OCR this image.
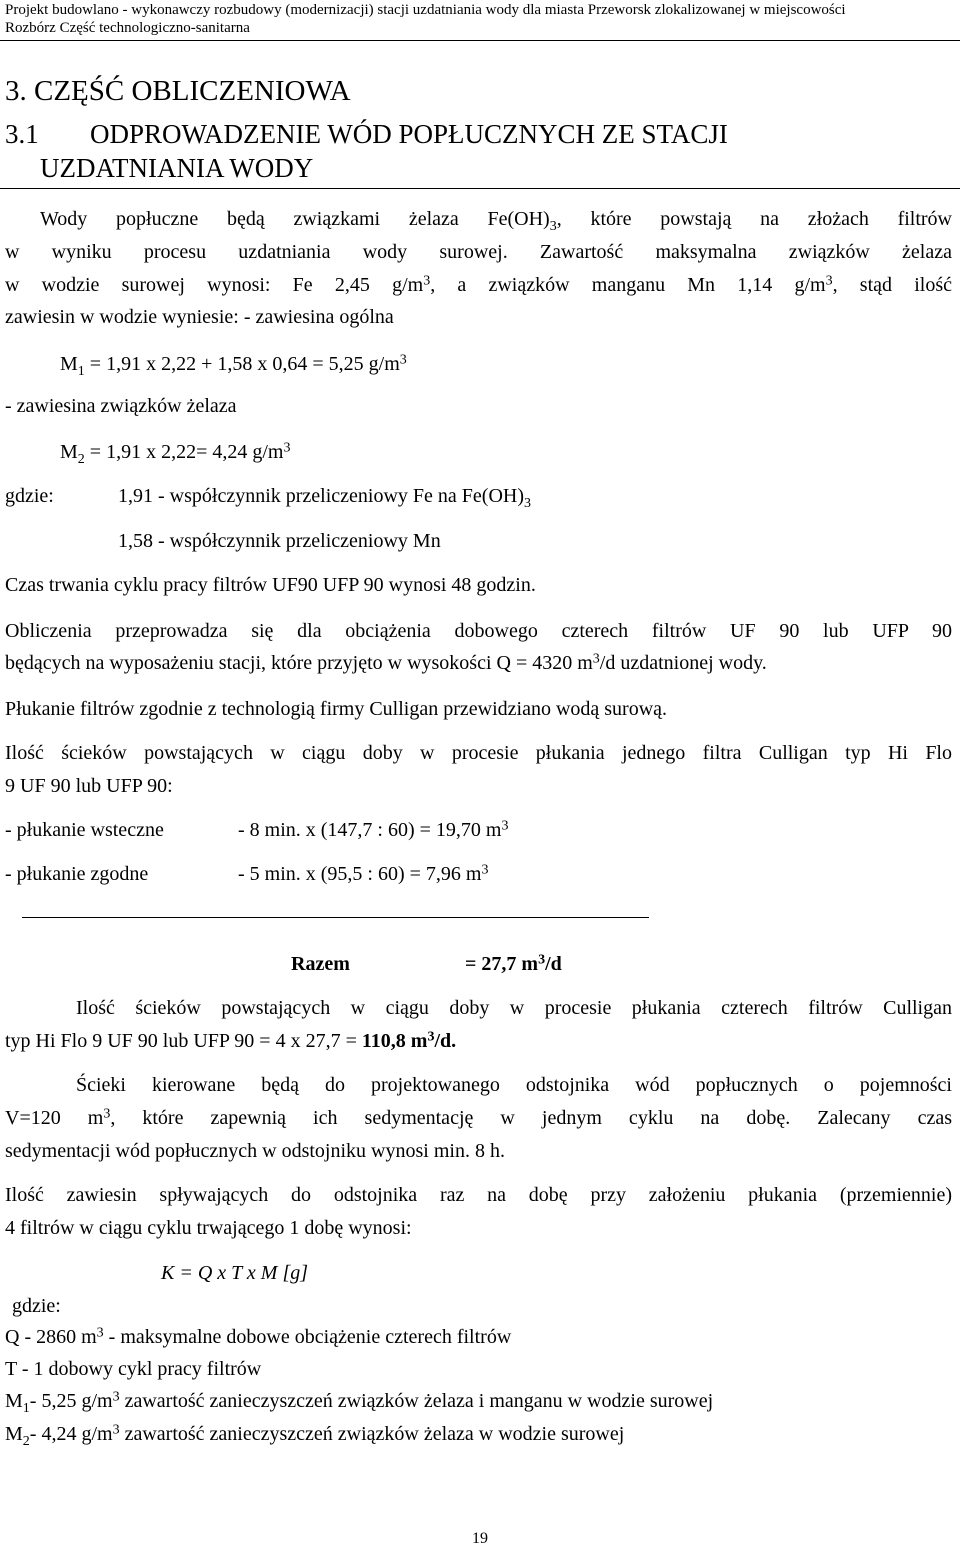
Projekt budowlano - wykonawczy rozbudowy (modernizacji) stacji uzdatniania wody dla miasta Przeworsk zlokalizowanej w miejscowości
Rozbórz Część technologiczno-sanitarna
3. CZĘŚĆ OBLICZENIOWA
3.1 ODPROWADZENIE WÓD POPŁUCZNYCH ZE STACJI
UZDATNIANIA WODY
Wody popłuczne będą związkami żelaza $Fe(OH)_3$, które powstają na złożach filtrów
w wyniku procesu uzdatniania wody surowej. Zawartość maksymalna związków żelaza
w wodzie surowej wynosi: Fe 2,45 $g/m^3$, a związków manganu Mn 1,14 $g/m^3$, stąd ilość
zawiesin w wodzie wyniesie: - zawiesina ogólna
$M_1 = 1,91$ x 2,22 + 1,58 x 0,64 = 5,25 $g/m^3$
- zawiesina związków żelaza
$M_2 = 1,91$ x 2,22= 4,24 $g/m^3$
gdzie:	1,91 - współczynnik przeliczeniowy Fe na $Fe(OH)_3$
1,58 - współczynnik przeliczeniowy Mn
Czas trwania cyklu pracy filtrów UF90 UFP 90 wynosi 48 godzin.
Obliczenia przeprowadza się dla obciążenia dobowego czterech filtrów UF 90 lub UFP 90
będących na wyposażeniu stacji, które przyjęto w wysokości Q = 4320 $m^3/d$ uzdatnionej wody.
Płukanie filtrów zgodnie z technologią firmy Culligan przewidziano wodą surową.
Ilość ścieków powstających w ciągu doby w procesie płukania jednego filtra Culligan typ Hi Flo
9 UF 90 lub UFP 90:
- płukanie wsteczne	- 8 min. x (147,7 : 60) = 19,70 $m^3$
- płukanie zgodne	- 5 min. x (95,5 : 60) = 7,96 $m^3$
Razem	= 27,7 $m^3/d$
Ilość ścieków powstających w ciągu doby w procesie płukania czterech filtrów Culligan
typ Hi Flo 9 UF 90 lub UFP 90 = 4 x 27,7 = 110,8 $m^3/d$.
Ścieki kierowane będą do projektowanego odstojnika wód popłucznych o pojemności
V=120 $m^3$, które zapewnią ich sedymentację w jednym cyklu na dobę. Zalecany czas
sedymentacji wód popłucznych w odstojniku wynosi min. 8 h.
Ilość zawiesin spływających do odstojnika raz na dobę przy założeniu płukania (przemiennie)
4 filtrów w ciągu cyklu trwającego 1 dobę wynosi:
K = Q x T x M [g]
gdzie:
Q - 2860 $m^3$ - maksymalne dobowe obciążenie czterech filtrów
T - 1 dobowy cykl pracy filtrów
$M_1-$ 5,25 $g/m^3$ zawartość zanieczyszczeń związków żelaza i manganu w wodzie surowej
$M_2-$ 4,24 $g/m^3$ zawartość zanieczyszczeń związków żelaza w wodzie surowej
19
